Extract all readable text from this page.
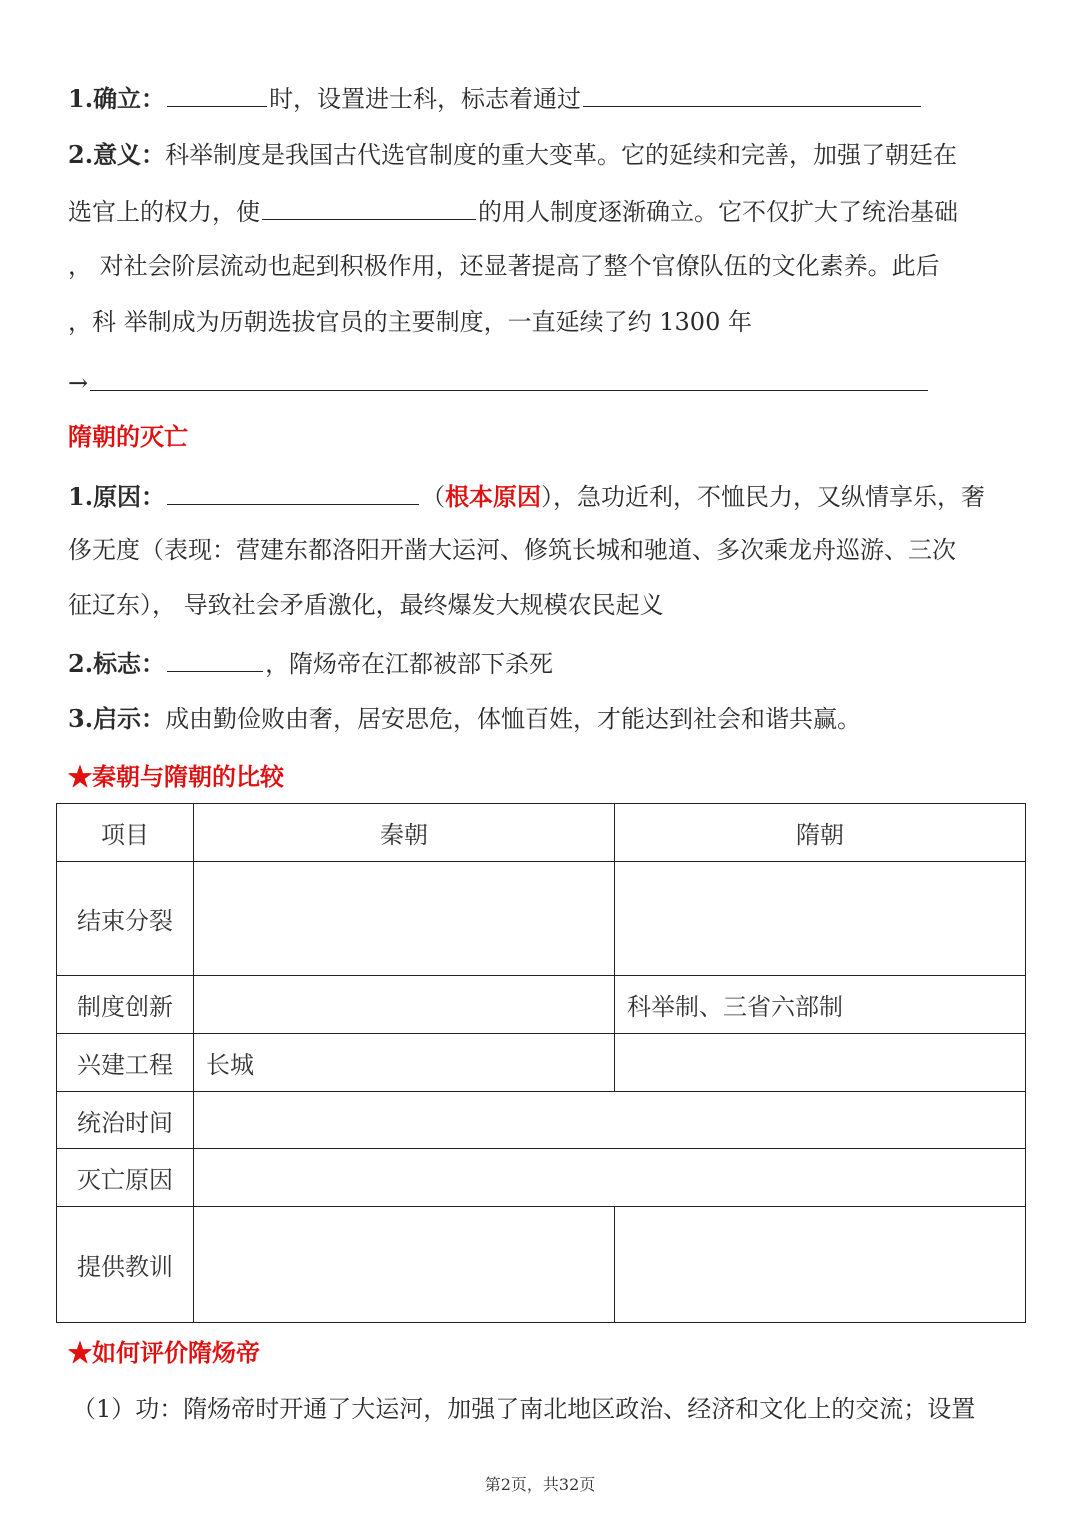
1.确立：	时，设置进士科，标志着通过
2.意义：科举制度是我国古代选官制度的重大变革。它的延续和完善，加强了朝廷在
选官上的权力，使	的用人制度逐渐确立。它不仅扩大了统治基础
， 对社会阶层流动也起到积极作用，还显著提高了整个官僚队伍的文化素养。此后
，科 举制成为历朝选拔官员的主要制度，一直延续了约 1300 年
→
隋朝的灭亡
1.原因：	（根本原因），急功近利，不恤民力，又纵情享乐，奢
侈无度（表现：营建东都洛阳开凿大运河、修筑长城和驰道、多次乘龙舟巡游、三次
征辽东）， 导致社会矛盾激化，最终爆发大规模农民起义
2.标志：	，隋炀帝在江都被部下杀死
3.启示：成由勤俭败由奢，居安思危，体恤百姓，才能达到社会和谐共赢。
★秦朝与隋朝的比较
项目	秦朝	隋朝
结束分裂		
制度创新		科举制、三省六部制
兴建工程	长城	
统治时间		
灭亡原因		
提供教训		
★如何评价隋炀帝
（1）功：隋炀帝时开通了大运河，加强了南北地区政治、经济和文化上的交流；设置
第2页，共32页
